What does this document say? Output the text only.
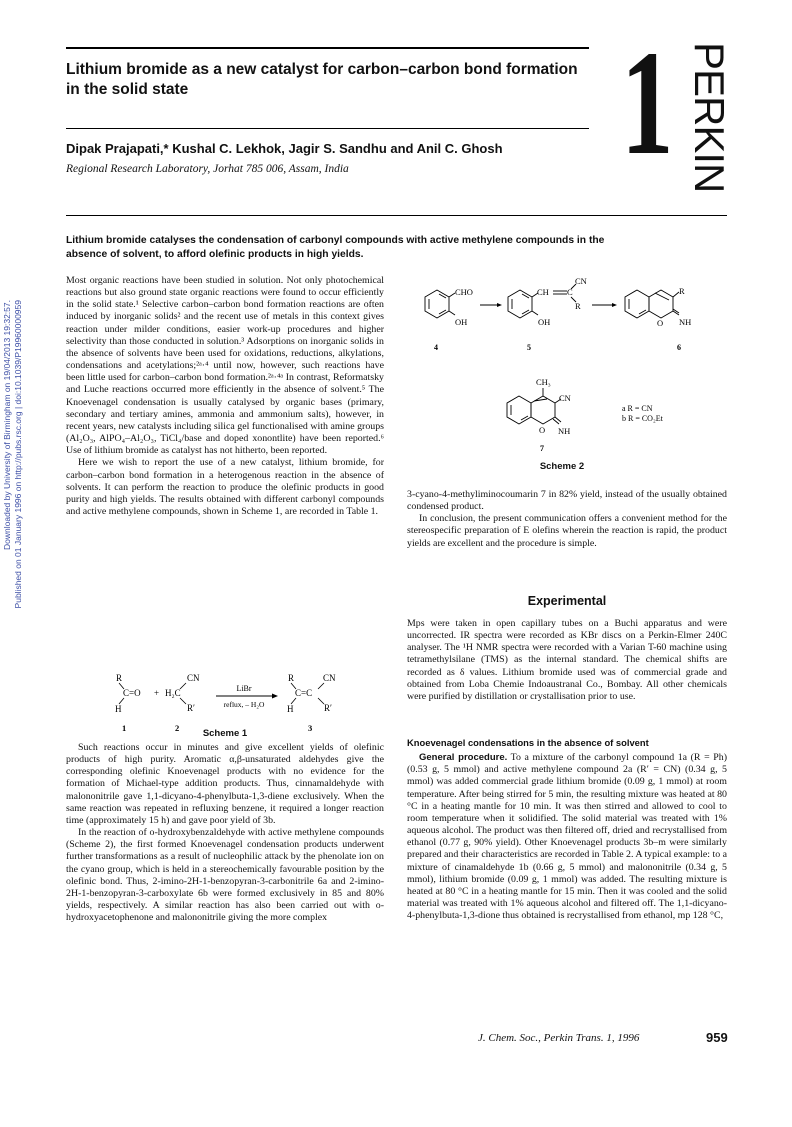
Lithium bromide as a new catalyst for carbon–carbon bond formation in the solid state
Dipak Prajapati,* Kushal C. Lekhok, Jagir S. Sandhu and Anil C. Ghosh
Regional Research Laboratory, Jorhat 785 006, Assam, India	1 PERKIN
Lithium bromide catalyses the condensation of carbonyl compounds with active methylene compounds in the absence of solvent, to afford olefinic products in high yields.
Downloaded by University of Birmingham on 19/04/2013 19:32:57. Published on 01 January 1996 on http://pubs.rsc.org | doi:10.1039/P19960000959

Most organic reactions have been studied in solution. Not only photochemical reactions but also ground state organic reactions were found to occur efficiently in the solid state.¹ Selective carbon–carbon bond formation reactions are often induced by inorganic solids² and the recent use of metals in this context gives reaction under milder conditions, easier work-up procedures and higher selectivity than those conducted in solution.³ Adsorptions on inorganic solids in the absence of solvents have been used for oxidations, reductions, alkylations, condensations and acetylations;²ᵃ·⁴ until now, however, such reactions have been little used for carbon–carbon bond formation.²ᵃ·⁴ᵃ In contrast, Reformatsky and Luche reactions occurred more efficiently in the absence of solvent.⁵ The Knoevenagel condensation is usually catalysed by organic bases (primary, secondary and tertiary amines, ammonia and ammonium salts), however, in recent years, new catalysts including silica gel functionalised with amine groups (Al₂O₃, AlPO₄–Al₂O₃, TiCl₄/base and doped xonontlite) have been reported.⁶ Use of lithium bromide as catalyst has not hitherto, been reported.

Here we wish to report the use of a new catalyst, lithium bromide, for carbon–carbon bond formation in a heterogenous reaction in the absence of solvents. It can perform the reaction to produce the olefinic products in good purity and high yields. The results obtained with different carbonyl compounds and active methylene compounds, shown in Scheme 1, are recorded in Table 1.

R
C=O
H
+
CN
H₂C
R′
LiBr
reflux, – H₂O
R
C=C
H
CN
R′
1	2	3
Scheme 1

Such reactions occur in minutes and give excellent yields of olefinic products of high purity. Aromatic α,β-unsaturated aldehydes give the corresponding olefinic Knoevenagel products with no evidence for the formation of Michael-type addition products. Thus, cinnamaldehyde with malononitrile gave 1,1-dicyano-4-phenylbuta-1,3-diene exclusively. When the same reaction was repeated in refluxing benzene, it required a longer reaction time (approximately 15 h) and gave poor yield of 3b.

In the reaction of o-hydroxybenzaldehyde with active methylene compounds (Scheme 2), the first formed Knoevenagel condensation products underwent further transformations as a result of nucleophilic attack by the phenolate ion on the cyano group, which is held in a stereochemically favourable position by the olefinic bond. Thus, 2-imino-2H-1-benzopyran-3-carbonitrile 6a and 2-imino-2H-1-benzopyran-3-carboxylate 6b were formed exclusively in 85 and 80% yields, respectively. A similar reaction has also been carried out with o-hydroxyacetophenone and malononitrile giving the more complex

CHO
OH
4
CH C
CN
R
OH
5
R
O NH
6
CH₃
CN
O NH
7
a R = CN
b R = CO₂Et
Scheme 2

3-cyano-4-methyliminocoumarin 7 in 82% yield, instead of the usually obtained condensed product.

In conclusion, the present communication offers a convenient method for the stereospecific preparation of E olefins wherein the reaction is rapid, the product yields are excellent and the procedure is simple.

Experimental

Mps were taken in open capillary tubes on a Buchi apparatus and were uncorrected. IR spectra were recorded as KBr discs on a Perkin-Elmer 240C analyser. The ¹H NMR spectra were recorded with a Varian T-60 machine using tetramethylsilane (TMS) as the internal standard. The chemical shifts are recorded as δ values. Lithium bromide used was of commercial grade and obtained from Loba Chemie Indoaustranal Co., Bombay. All other chemicals were purified by distillation or crystallisation prior to use.

Knoevenagel condensations in the absence of solvent

General procedure. To a mixture of the carbonyl compound 1a (R = Ph) (0.53 g, 5 mmol) and active methylene compound 2a (R′ = CN) (0.34 g, 5 mmol) was added commercial grade lithium bromide (0.09 g, 1 mmol) at room temperature. After being stirred for 5 min, the resulting mixture was heated at 80 °C in a heating mantle for 10 min. It was then stirred and allowed to cool to room temperature when it solidified. The solid material was treated with 1% aqueous alcohol. The product was then filtered off, dried and recrystallised from ethanol (0.77 g, 90% yield). Other Knoevenagel products 3b–m were similarly prepared and their characteristics are recorded in Table 2. A typical example: to a mixture of cinamaldehyde 1b (0.66 g, 5 mmol) and malononitrile (0.34 g, 5 mmol), lithium bromide (0.09 g, 1 mmol) was added. The resulting mixture is heated at 80 °C in a heating mantle for 15 min. Then it was cooled and the solid material was treated with 1% aqueous alcohol and filtered off. The 1,1-dicyano-4-phenylbuta-1,3-dione thus obtained is recrystallised from ethanol, mp 128 °C,

J. Chem. Soc., Perkin Trans. 1, 1996	959
